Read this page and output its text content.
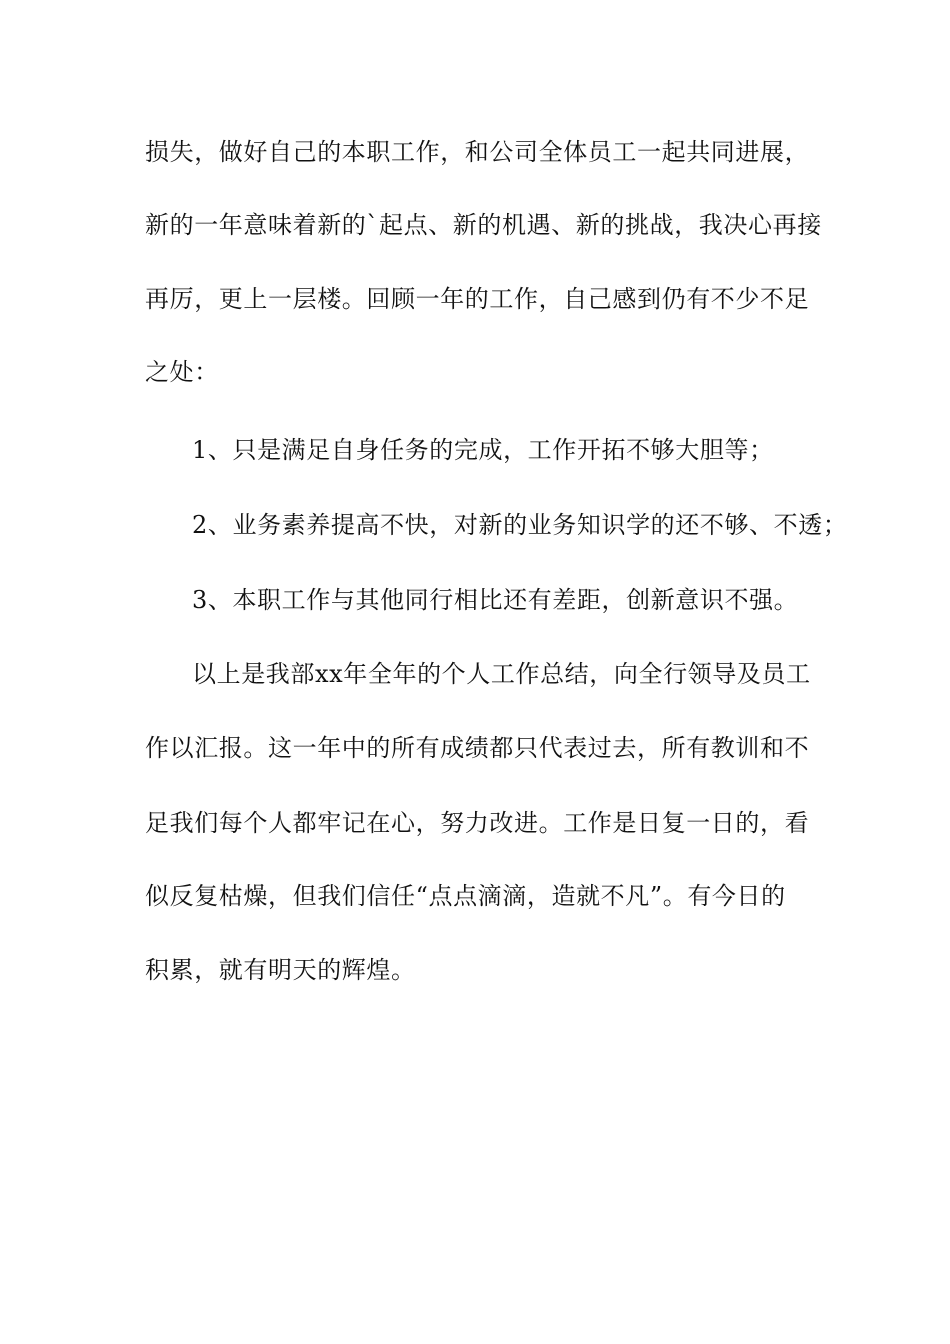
损失，做好自己的本职工作，和公司全体员工一起共同进展，
新的一年意味着新的`起点、新的机遇、新的挑战，我决心再接
再厉，更上一层楼。回顾一年的工作，自己感到仍有不少不足
之处：
1、只是满足自身任务的完成，工作开拓不够大胆等；
2、业务素养提高不快，对新的业务知识学的还不够、不透；
3、本职工作与其他同行相比还有差距，创新意识不强。
以上是我部xx年全年的个人工作总结，向全行领导及员工
作以汇报。这一年中的所有成绩都只代表过去，所有教训和不
足我们每个人都牢记在心，努力改进。工作是日复一日的，看
似反复枯燥，但我们信任“点点滴滴，造就不凡”。有今日的
积累，就有明天的辉煌。
